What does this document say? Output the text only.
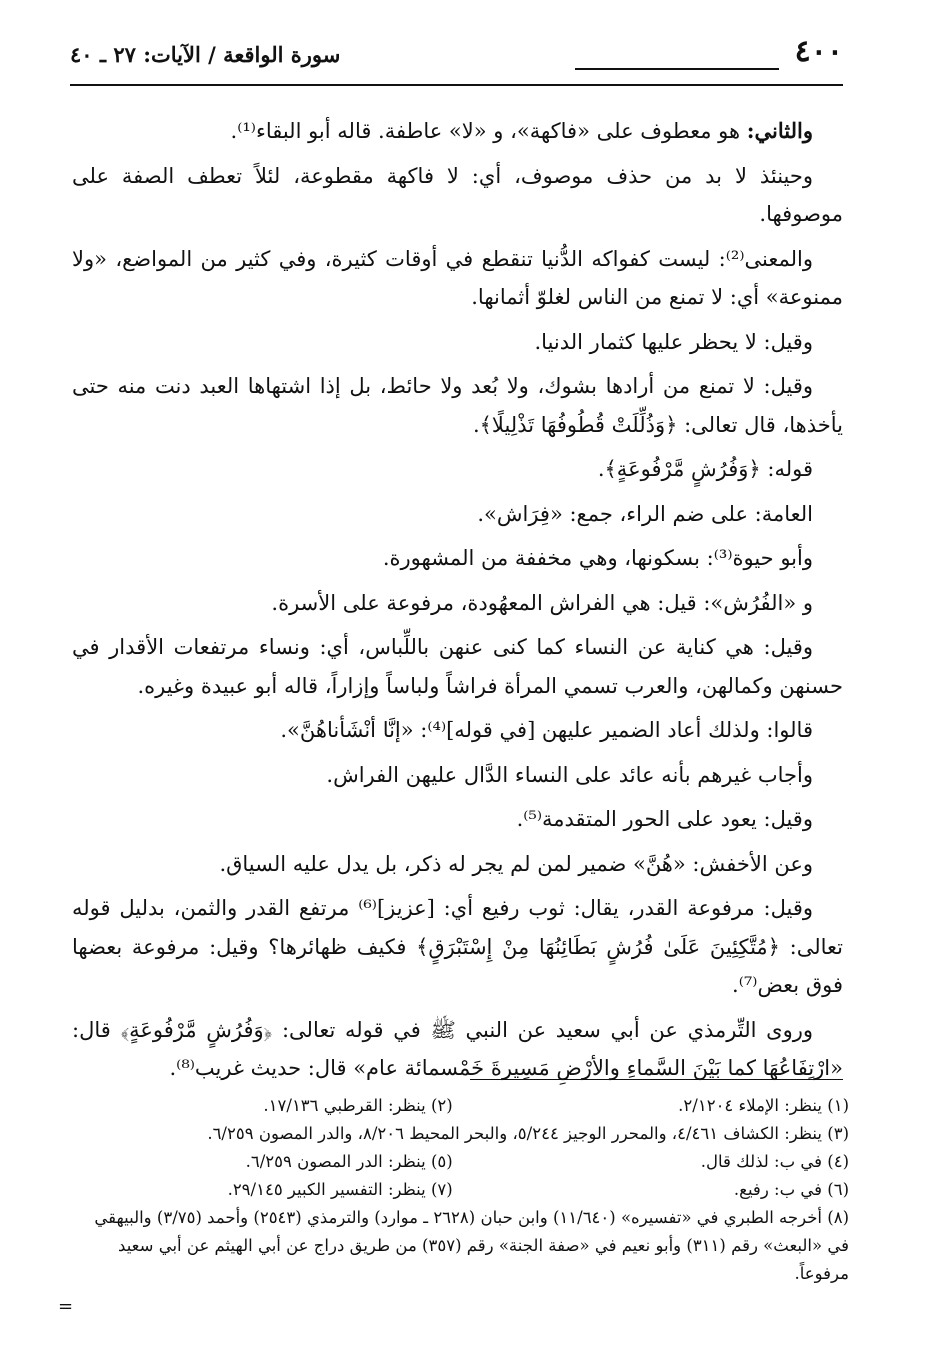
٤٠٠
سورة الواقعة / الآيات: ٢٧ ـ ٤٠

والثاني: هو معطوف على «فاكهة»، و «لا» عاطفة. قاله أبو البقاء⁽¹⁾.

وحينئذ لا بد من حذف موصوف، أي: لا فاكهة مقطوعة، لئلاً تعطف الصفة على موصوفها.

والمعنى⁽²⁾: ليست كفواكه الدُّنيا تنقطع في أوقات كثيرة، وفي كثير من المواضع، «ولا ممنوعة» أي: لا تمنع من الناس لغلوّ أثمانها.

وقيل: لا يحظر عليها كثمار الدنيا.

وقيل: لا تمنع من أرادها بشوك، ولا بُعد ولا حائط، بل إذا اشتهاها العبد دنت منه حتى يأخذها، قال تعالى: ﴿وَذُلِّلَتْ قُطُوفُهَا تَذْلِيلًا﴾.

قوله: ﴿وَفُرُشٍ مَّرْفُوعَةٍ﴾.

العامة: على ضم الراء، جمع: «فِرَاش».

وأبو حيوة⁽³⁾: بسكونها، وهي مخففة من المشهورة.

و «الفُرُش»: قيل: هي الفراش المعهُودة، مرفوعة على الأسرة.

وقيل: هي كناية عن النساء كما كنى عنهن باللِّباس، أي: ونساء مرتفعات الأقدار في حسنهن وكمالهن، والعرب تسمي المرأة فراشاً ولباساً وإزاراً، قاله أبو عبيدة وغيره.

قالوا: ولذلك أعاد الضمير عليهن [في قوله]⁽⁴⁾: «إنَّا أنْشَأناهُنَّ».

وأجاب غيرهم بأنه عائد على النساء الدَّال عليهن الفراش.

وقيل: يعود على الحور المتقدمة⁽⁵⁾.

وعن الأخفش: «هُنَّ» ضمير لمن لم يجر له ذكر، بل يدل عليه السياق.

وقيل: مرفوعة القدر، يقال: ثوب رفيع أي: [عزيز]⁽⁶⁾ مرتفع القدر والثمن، بدليل قوله تعالى: ﴿مُتَّكِئِينَ عَلَىٰ فُرُشٍ بَطَائِنُهَا مِنْ إِسْتَبْرَقٍ﴾ فكيف ظهائرها؟ وقيل: مرفوعة بعضها فوق بعض⁽⁷⁾.

وروى التِّرمذي عن أبي سعيد عن النبي ﷺ في قوله تعالى: ﴿وَفُرُشٍ مَّرْفُوعَةٍ﴾ قال: «ارْتِفَاعُهَا كما بَيْنَ السَّماءِ والأرْضِ مَسِيرةَ خَمْسمائة عام» قال: حديث غريب⁽⁸⁾.

(١) ينظر: الإملاء ٢/١٢٠٤.
(٢) ينظر: القرطبي ١٧/١٣٦.
(٣) ينظر: الكشاف ٤/٤٦١، والمحرر الوجيز ٥/٢٤٤، والبحر المحيط ٨/٢٠٦، والدر المصون ٦/٢٥٩.
(٤) في ب: لذلك قال.
(٥) ينظر: الدر المصون ٦/٢٥٩.
(٦) في ب: رفيع.
(٧) ينظر: التفسير الكبير ٢٩/١٤٥.
(٨) أخرجه الطبري في «تفسيره» (١١/٦٤٠) وابن حبان (٢٦٢٨ ـ موارد) والترمذي (٢٥٤٣) وأحمد (٣/٧٥) والبيهقي في «البعث» رقم (٣١١) وأبو نعيم في «صفة الجنة» رقم (٣٥٧) من طريق دراج عن أبي الهيثم عن أبي سعيد مرفوعاً.
=
